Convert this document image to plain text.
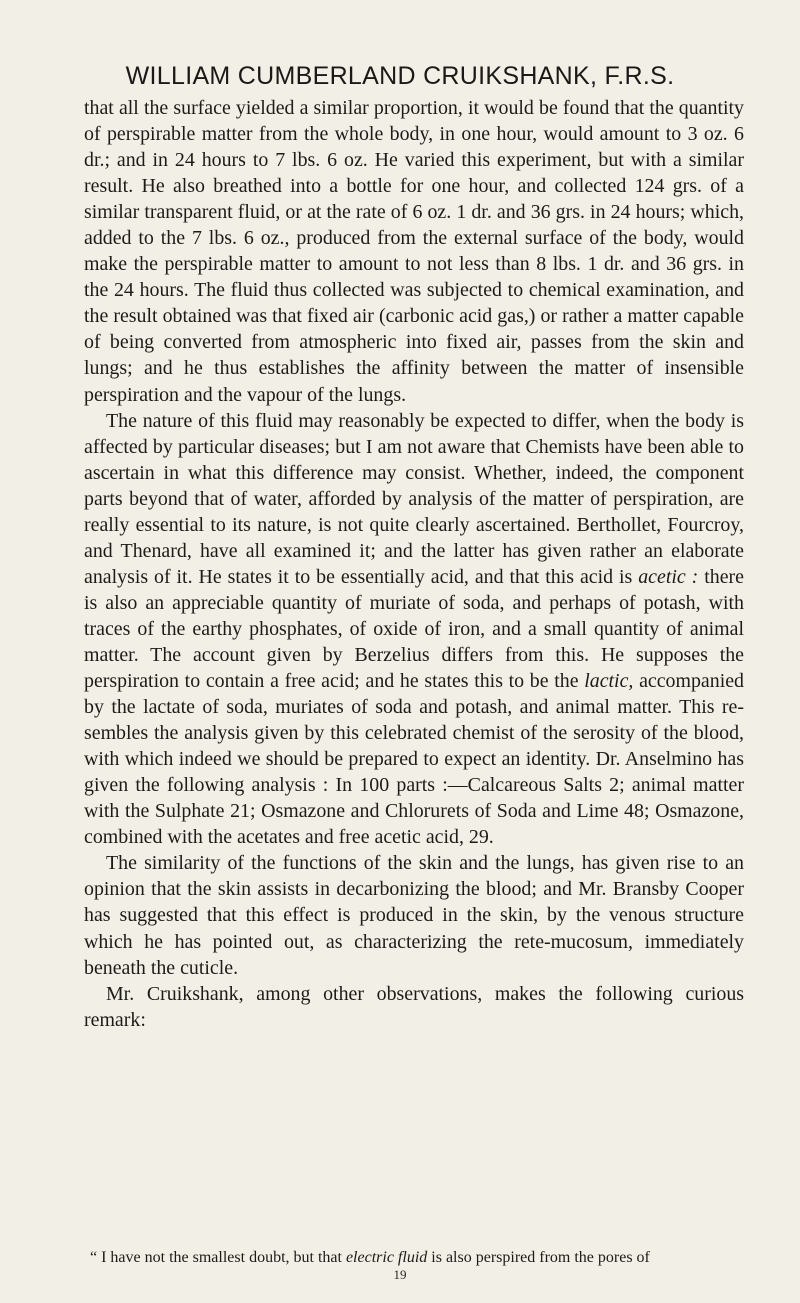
WILLIAM CUMBERLAND CRUIKSHANK, F.R.S.

that all the surface yielded a similar proportion, it would be found that the quantity of perspirable matter from the whole body, in one hour, would amount to 3 oz. 6 dr.; and in 24 hours to 7 lbs. 6 oz. He varied this experiment, but with a similar result. He also breathed into a bottle for one hour, and collected 124 grs. of a similar transparent fluid, or at the rate of 6 oz. 1 dr. and 36 grs. in 24 hours; which, added to the 7 lbs. 6 oz., produced from the external surface of the body, would make the perspirable matter to amount to not less than 8 lbs. 1 dr. and 36 grs. in the 24 hours. The fluid thus collected was subjected to chemical examination, and the result obtained was that fixed air (carbonic acid gas,) or rather a matter capable of being converted from atmospheric into fixed air, passes from the skin and lungs; and he thus establishes the affinity between the matter of insensible perspiration and the vapour of the lungs.

The nature of this fluid may reasonably be expected to differ, when the body is affected by particular diseases; but I am not aware that Chemists have been able to ascertain in what this difference may consist. Whether, indeed, the component parts beyond that of water, afforded by analysis of the matter of perspiration, are really essential to its nature, is not quite clearly ascertained. Berthollet, Fourcroy, and Thenard, have all examined it; and the latter has given rather an elaborate analysis of it. He states it to be essentially acid, and that this acid is acetic : there is also an appreciable quantity of muriate of soda, and perhaps of potash, with traces of the earthy phosphates, of oxide of iron, and a small quantity of animal matter. The account given by Berzelius differs from this. He supposes the perspiration to contain a free acid; and he states this to be the lactic, accompanied by the lactate of soda, muriates of soda and potash, and animal matter. This resembles the analysis given by this celebrated chemist of the serosity of the blood, with which indeed we should be prepared to expect an identity. Dr. Anselmino has given the following analysis : In 100 parts :—Calcareous Salts 2; animal matter with the Sulphate 21; Osmazone and Chlorurets of Soda and Lime 48; Osmazone, combined with the acetates and free acetic acid, 29.

The similarity of the functions of the skin and the lungs, has given rise to an opinion that the skin assists in decarbonizing the blood; and Mr. Bransby Cooper has suggested that this effect is produced in the skin, by the venous structure which he has pointed out, as characterizing the rete-mucosum, immediately beneath the cuticle.

Mr. Cruikshank, among other observations, makes the following curious remark:

“ I have not the smallest doubt, but that electric fluid is also perspired from the pores of

19
